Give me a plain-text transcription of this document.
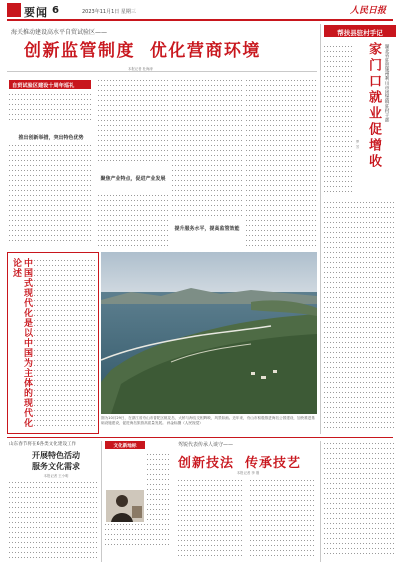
要闻 6	2023年11月1日 星期三	人民日报
海关推动建设高水平自贸试验区——
创新监管制度  优化营商环境
本报记者 杜海涛
自贸试验区建设十周年巡礼
推出创新举措，突出特色优势
聚焦产业特点，促进产业发展
提升服务水平，提高监管效能
帮扶县驻村手记
湖北省驻恩施州利川市团堡镇驻村干部
家门口就业促增收
罗 芳
中国式现代化是以中国为主体的现代化论述
图为10月29日，在浙江省舟山市普陀区桃花岛，大桥与海岛交相辉映，风景如画。近年来，舟山市积极推进海岛公园建设，加快推进基础设施建设，促进海岛旅游高质量发展。 孙金标摄（人民视觉）
山东春节将在6各类文化建设工作
开展特色活动
服务文化需求
本报记者 王小明
文化新地标	驾锐代表传承人谈守——
创新技法  传承技艺
本报记者 李 刚
